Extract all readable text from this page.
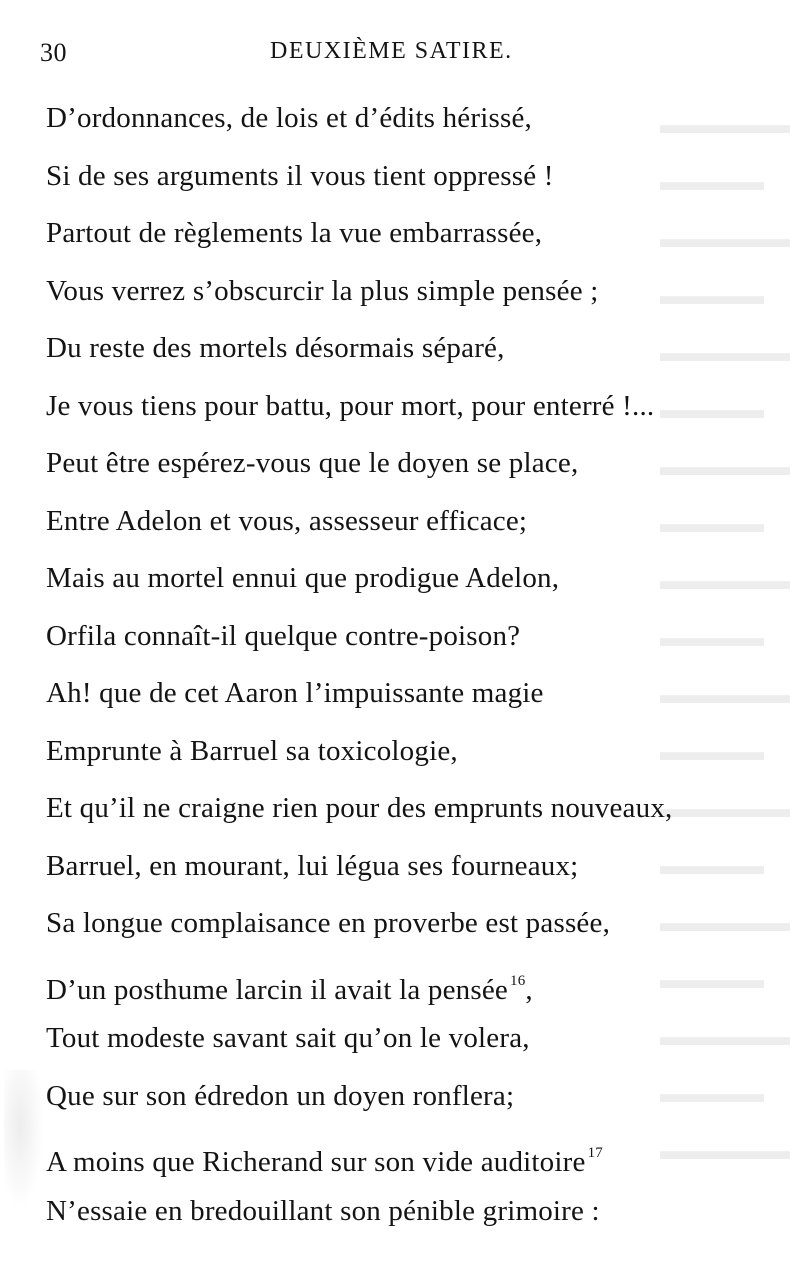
▬▬▬▬▬
▬▬▬▬
▬▬▬▬▬
▬▬▬▬
▬▬▬▬▬
▬▬▬▬
▬▬▬▬▬
▬▬▬▬
▬▬▬▬▬
▬▬▬▬
▬▬▬▬▬
▬▬▬▬
▬▬▬▬▬
▬▬▬▬
▬▬▬▬▬
▬▬▬▬
▬▬▬▬▬
▬▬▬▬
▬▬▬▬▬
30	DEUXIÈME SATIRE.
D’ordonnances, de lois et d’édits hérissé,
Si de ses arguments il vous tient oppressé !
Partout de règlements la vue embarrassée,
Vous verrez s’obscurcir la plus simple pensée ;
Du reste des mortels désormais séparé,
Je vous tiens pour battu, pour mort, pour enterré !...
Peut être espérez-vous que le doyen se place,
Entre Adelon et vous, assesseur efficace;
Mais au mortel ennui que prodigue Adelon,
Orfila connaît-il quelque contre-poison?
Ah! que de cet Aaron l’impuissante magie
Emprunte à Barruel sa toxicologie,
Et qu’il ne craigne rien pour des emprunts nouveaux,
Barruel, en mourant, lui légua ses fourneaux;
Sa longue complaisance en proverbe est passée,
D’un posthume larcin il avait la pensée $^{16}$,
Tout modeste savant sait qu’on le volera,
Que sur son édredon un doyen ronflera;
A moins que Richerand sur son vide auditoire $^{17}$
N’essaie en bredouillant son pénible grimoire :
